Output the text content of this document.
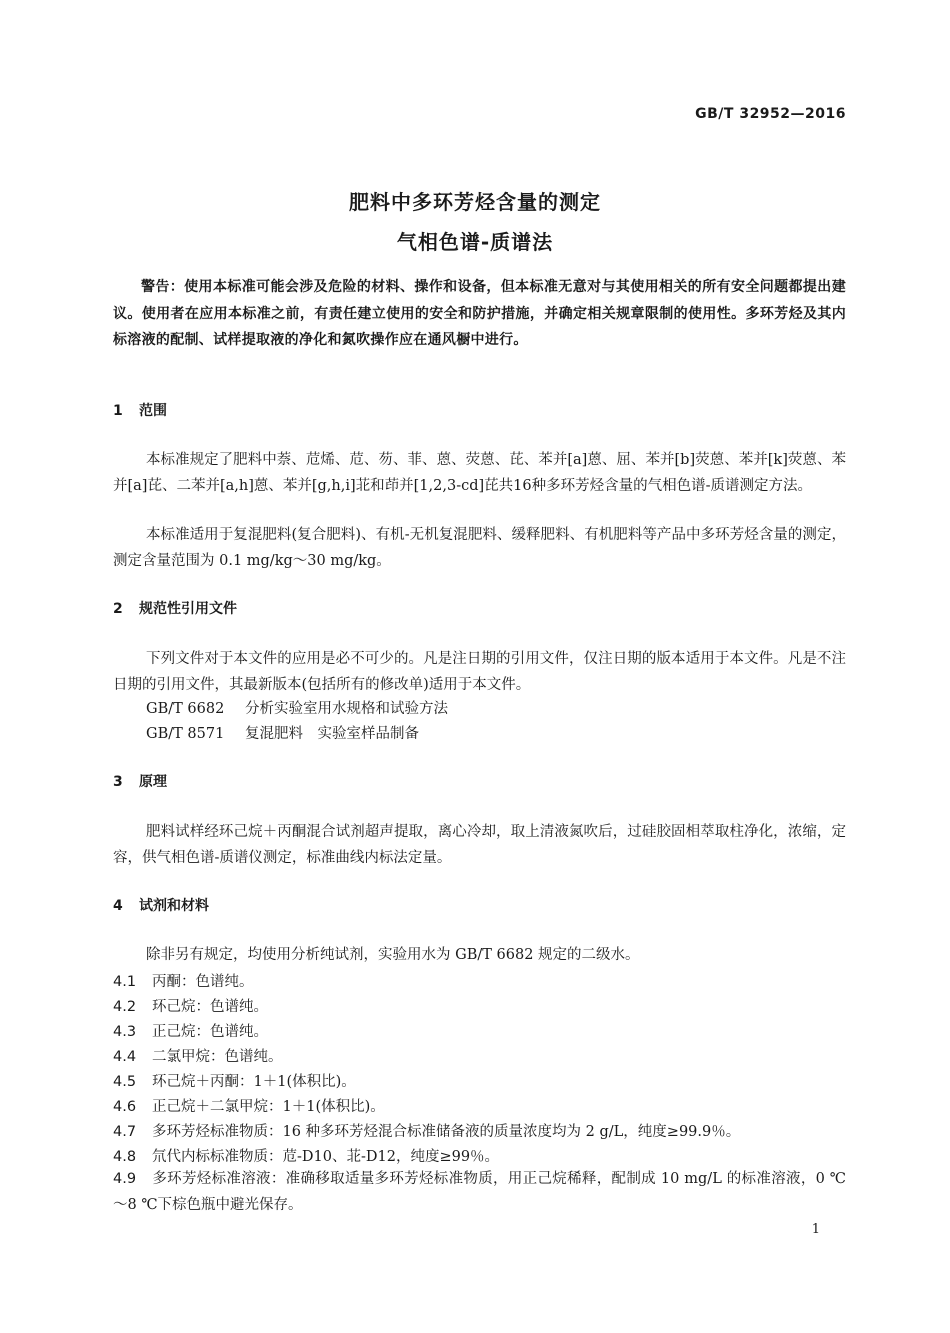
GB/T 32952—2016
肥料中多环芳烃含量的测定
气相色谱-质谱法

警告：使用本标准可能会涉及危险的材料、操作和设备，但本标准无意对与其使用相关的所有安全问题都提出建议。使用者在应用本标准之前，有责任建立使用的安全和防护措施，并确定相关规章限制的使用性。多环芳烃及其内标溶液的配制、试样提取液的净化和氮吹操作应在通风橱中进行。

1 范围

本标准规定了肥料中萘、苊烯、苊、芴、菲、蒽、荧蒽、芘、苯并[a]蒽、屈、苯并[b]荧蒽、苯并[k]荧蒽、苯并[a]芘、二苯并[a,h]蒽、苯并[g,h,i]苝和茚并[1,2,3-cd]芘共16种多环芳烃含量的气相色谱-质谱测定方法。

本标准适用于复混肥料(复合肥料)、有机-无机复混肥料、缓释肥料、有机肥料等产品中多环芳烃含量的测定，测定含量范围为 0.1 mg/kg～30 mg/kg。

2 规范性引用文件

下列文件对于本文件的应用是必不可少的。凡是注日期的引用文件，仅注日期的版本适用于本文件。凡是不注日期的引用文件，其最新版本(包括所有的修改单)适用于本文件。

GB/T 6682 分析实验室用水规格和试验方法
GB/T 8571 复混肥料　实验室样品制备
3 原理

肥料试样经环己烷＋丙酮混合试剂超声提取，离心冷却，取上清液氮吹后，过硅胶固相萃取柱净化，浓缩，定容，供气相色谱-质谱仪测定，标准曲线内标法定量。

4 试剂和材料

除非另有规定，均使用分析纯试剂，实验用水为 GB/T 6682 规定的二级水。

4.1 丙酮：色谱纯。
4.2 环己烷：色谱纯。
4.3 正己烷：色谱纯。
4.4 二氯甲烷：色谱纯。
4.5 环己烷＋丙酮：1＋1(体积比)。
4.6 正己烷＋二氯甲烷：1＋1(体积比)。
4.7 多环芳烃标准物质：16 种多环芳烃混合标准储备液的质量浓度均为 2 g/L，纯度≥99.9％。
4.8 氘代内标标准物质：苊-D10、苝-D12，纯度≥99％。

4.9 多环芳烃标准溶液：准确移取适量多环芳烃标准物质，用正己烷稀释，配制成 10 mg/L 的标准溶液，0 ℃～8 ℃下棕色瓶中避光保存。

1
